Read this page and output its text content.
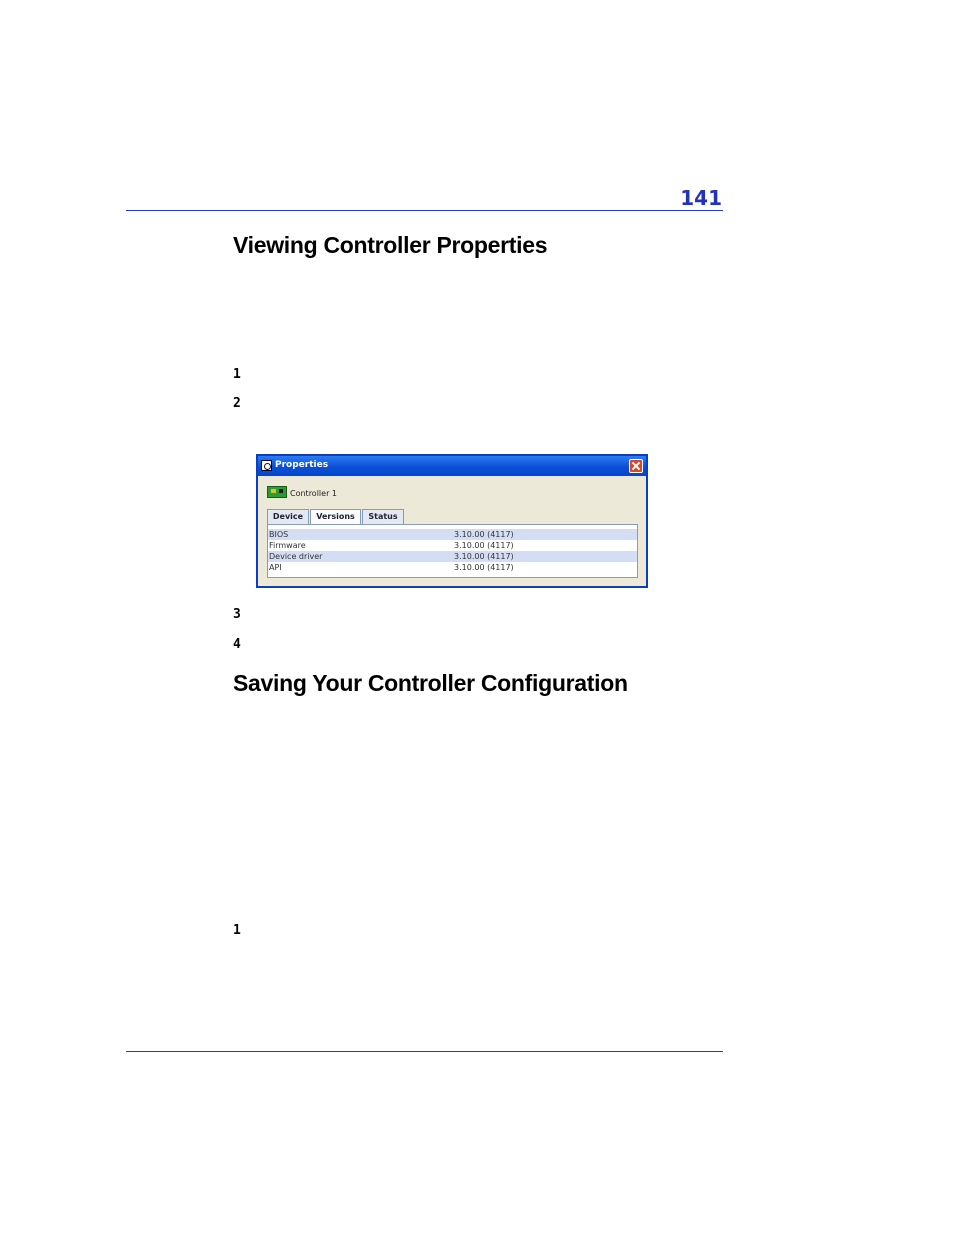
141
Viewing Controller Properties
1
2
Properties
Controller 1
Device	Versions	Status
BIOS	3.10.00 (4117)
Firmware	3.10.00 (4117)
Device driver	3.10.00 (4117)
API	3.10.00 (4117)
3
4
Saving Your Controller Configuration
1
